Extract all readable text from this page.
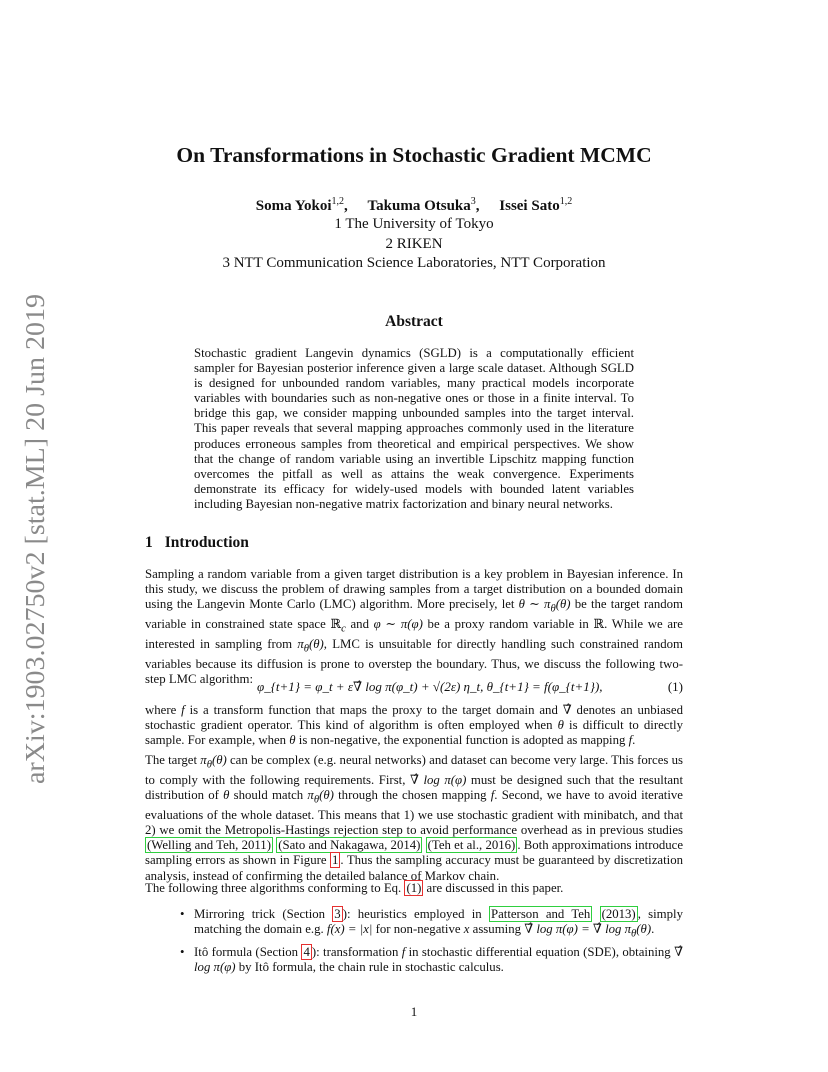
arXiv:1903.02750v2 [stat.ML] 20 Jun 2019
On Transformations in Stochastic Gradient MCMC
Soma Yokoi$^{1,2}$, Takuma Otsuka$^3$, Issei Sato$^{1,2}$
1 The University of Tokyo
2 RIKEN
3 NTT Communication Science Laboratories, NTT Corporation
Abstract
Stochastic gradient Langevin dynamics (SGLD) is a computationally efficient sampler for Bayesian posterior inference given a large scale dataset. Although SGLD is designed for unbounded random variables, many practical models incorporate variables with boundaries such as non-negative ones or those in a finite interval. To bridge this gap, we consider mapping unbounded samples into the target interval. This paper reveals that several mapping approaches commonly used in the literature produces erroneous samples from theoretical and empirical perspectives. We show that the change of random variable using an invertible Lipschitz mapping function overcomes the pitfall as well as attains the weak convergence. Experiments demonstrate its efficacy for widely-used models with bounded latent variables including Bayesian non-negative matrix factorization and binary neural networks.
1 Introduction
Sampling a random variable from a given target distribution is a key problem in Bayesian inference. In this study, we discuss the problem of drawing samples from a target distribution on a bounded domain using the Langevin Monte Carlo (LMC) algorithm. More precisely, let θ ∼ $\pi_\theta(\theta)$ be the target random variable in constrained state space ℝ$_c$ and φ ∼ π(φ) be a proxy random variable in ℝ. While we are interested in sampling from $\pi_\theta(\theta)$, LMC is unsuitable for directly handling such constrained random variables because its diffusion is prone to overstep the boundary. Thus, we discuss the following two-step LMC algorithm:
φ_{t+1} = φ_t + ε∇̂ log π(φ_t) + √(2ε) η_t, θ_{t+1} = f(φ_{t+1}),	(1)
where f is a transform function that maps the proxy to the target domain and ∇̂ denotes an unbiased stochastic gradient operator. This kind of algorithm is often employed when θ is difficult to directly sample. For example, when θ is non-negative, the exponential function is adopted as mapping f.
The target $\pi_\theta(\theta)$ can be complex (e.g. neural networks) and dataset can become very large. This forces us to comply with the following requirements. First, ∇̂ log π(φ) must be designed such that the resultant distribution of θ should match $\pi_\theta(\theta)$ through the chosen mapping f. Second, we have to avoid iterative evaluations of the whole dataset. This means that 1) we use stochastic gradient with minibatch, and that 2) we omit the Metropolis-Hastings rejection step to avoid performance overhead as in previous studies (Welling and Teh, 2011) (Sato and Nakagawa, 2014) (Teh et al., 2016) . Both approximations introduce sampling errors as shown in Figure 1 . Thus the sampling accuracy must be guaranteed by discretization analysis, instead of confirming the detailed balance of Markov chain.
The following three algorithms conforming to Eq. (1) are discussed in this paper.
• Mirroring trick (Section 3 ): heuristics employed in Patterson and Teh (2013) , simply matching the domain e.g. f(x) = |x| for non-negative x assuming ∇̂ log π(φ) = ∇̂ $\log \pi_\theta(\theta)$.
• Itô formula (Section 4 ): transformation f in stochastic differential equation (SDE), obtaining ∇̂ log π(φ) by Itô formula, the chain rule in stochastic calculus.
1
